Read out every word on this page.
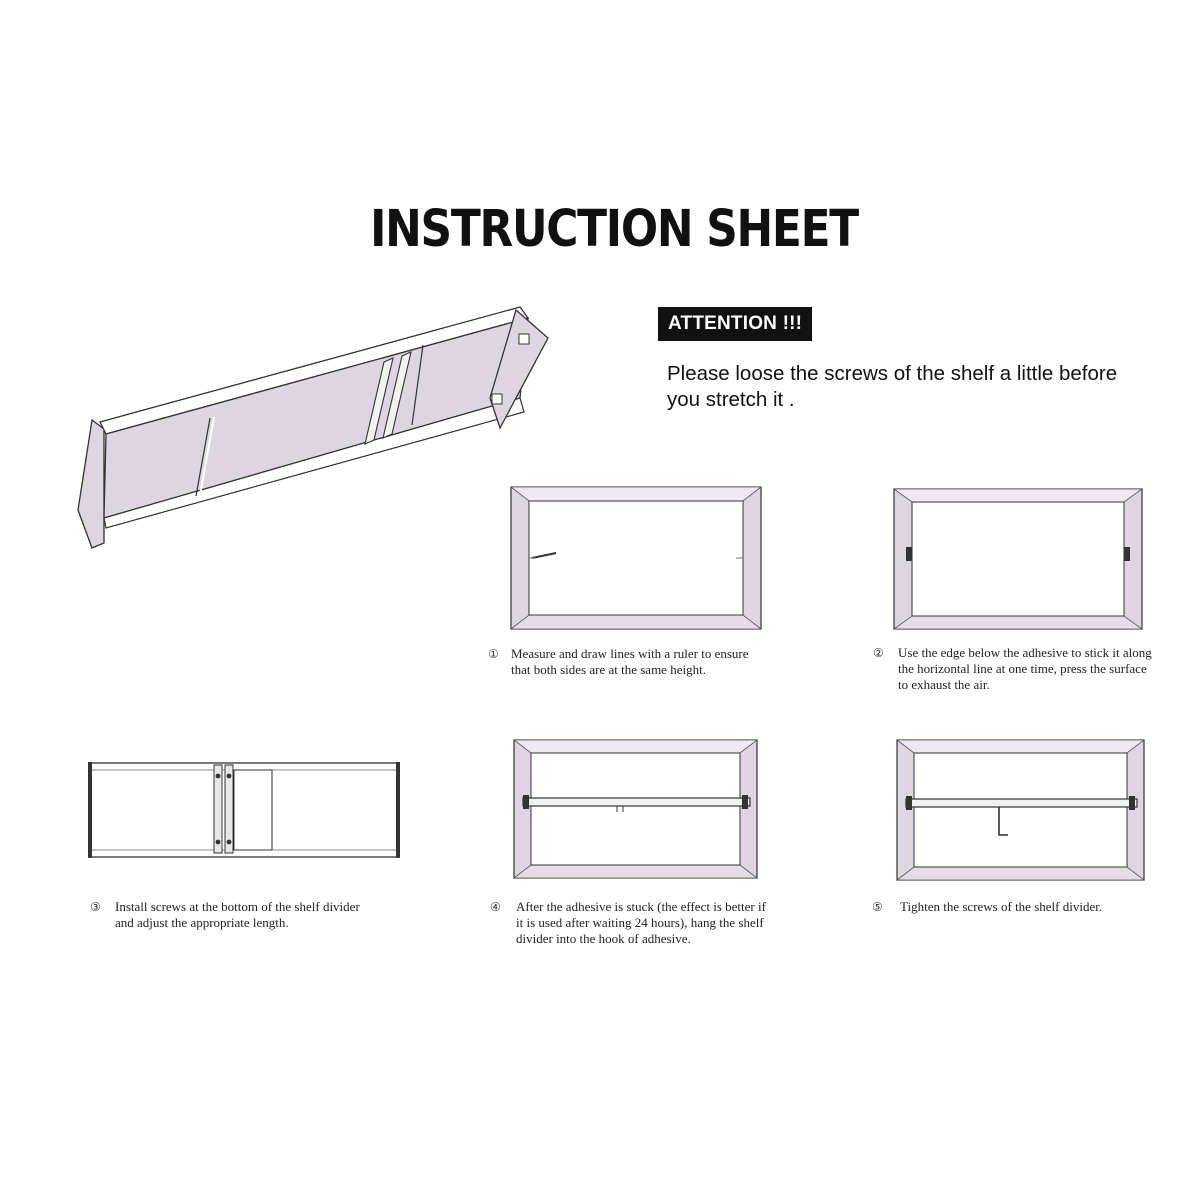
INSTRUCTION SHEET
ATTENTION !!!
Please loose the screws of the shelf a little before you stretch it .
① Measure and draw lines with a ruler to ensure that both sides are at the same height.
② Use the edge below the adhesive to stick it along the horizontal line at one time, press the surface to exhaust the air.
③ Install screws at the bottom of the shelf divider and adjust the appropriate length.
④ After the adhesive is stuck (the effect is better if it is used after waiting 24 hours), hang the shelf divider into the hook of adhesive.
⑤ Tighten the screws of the shelf divider.
